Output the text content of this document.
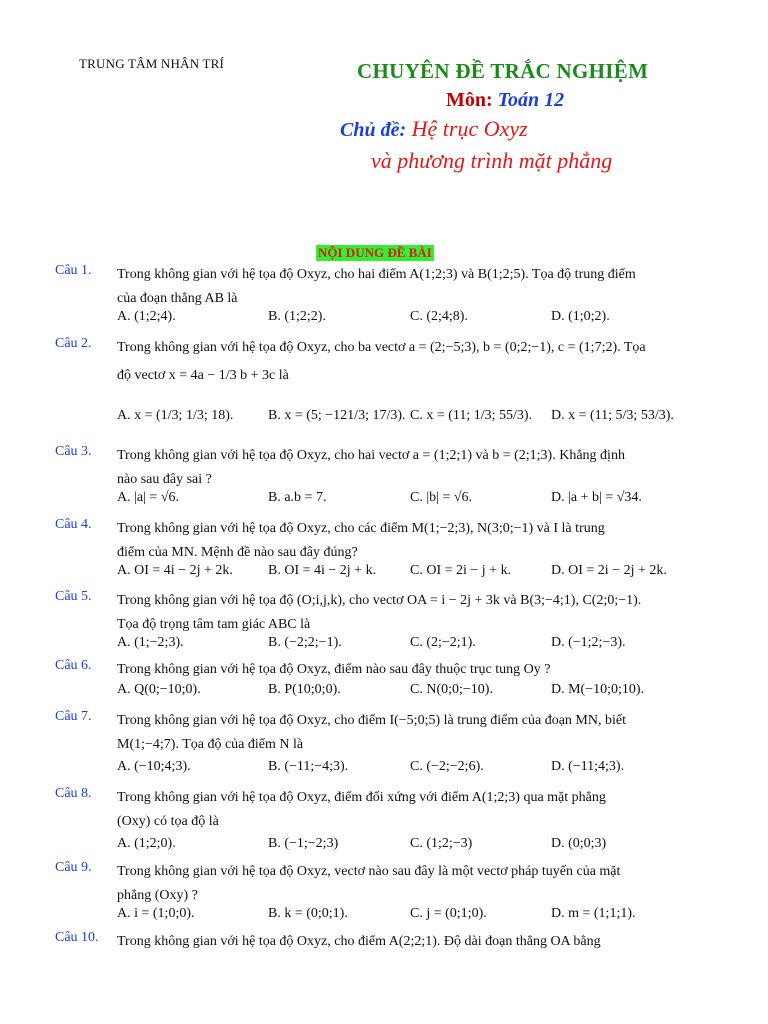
TRUNG TÂM NHÂN TRÍ	CHUYÊN ĐỀ TRẮC NGHIỆM
Môn: Toán 12
Chủ đề: Hệ trục Oxyz
và phương trình mặt phẳng
NỘI DUNG ĐỀ BÀI
Câu 1. Trong không gian với hệ tọa độ Oxyz, cho hai điểm A(1;2;3) và B(1;2;5). Tọa độ trung điểm
của đoạn thẳng AB là
A. (1;2;4).	B. (1;2;2).	C. (2;4;8).	D. (1;0;2).
Câu 2. Trong không gian với hệ tọa độ Oxyz, cho ba vectơ a = (2;−5;3), b = (0;2;−1), c = (1;7;2). Tọa
độ vectơ x = 4a − 1/3 b + 3c là
A. x = (1/3; 1/3; 18). B. x = (5; −121/3; 17/3). C. x = (11; 1/3; 55/3). D. x = (11; 5/3; 53/3).
Câu 3. Trong không gian với hệ tọa độ Oxyz, cho hai vectơ a = (1;2;1) và b = (2;1;3). Khẳng định
nào sau đây sai ?
A. |a| = √6.	B. a.b = 7.	C. |b| = √6.	D. |a + b| = √34.
Câu 4. Trong không gian với hệ tọa độ Oxyz, cho các điểm M(1;−2;3), N(3;0;−1) và I là trung
điểm của MN. Mệnh đề nào sau đây đúng?
A. OI = 4i − 2j + 2k.	B. OI = 4i − 2j + k. C. OI = 2i − j + k.	D. OI = 2i − 2j + 2k.
Câu 5. Trong không gian với hệ tọa độ (O;i,j,k), cho vectơ OA = i − 2j + 3k và B(3;−4;1), C(2;0;−1).
Tọa độ trọng tâm tam giác ABC là
A. (1;−2;3).	B. (−2;2;−1).	C. (2;−2;1).	D. (−1;2;−3).
Câu 6. Trong không gian với hệ tọa độ Oxyz, điểm nào sau đây thuộc trục tung Oy ?
A. Q(0;−10;0).	B. P(10;0;0).	C. N(0;0;−10).	D. M(−10;0;10).
Câu 7. Trong không gian với hệ tọa độ Oxyz, cho điểm I(−5;0;5) là trung điểm của đoạn MN, biết
M(1;−4;7). Tọa độ của điểm N là
A. (−10;4;3).	B. (−11;−4;3).	C. (−2;−2;6).	D. (−11;4;3).
Câu 8. Trong không gian với hệ tọa độ Oxyz, điểm đối xứng với điểm A(1;2;3) qua mặt phẳng
(Oxy) có tọa độ là
A. (1;2;0).	B. (−1;−2;3)	C. (1;2;−3)	D. (0;0;3)
Câu 9. Trong không gian với hệ tọa độ Oxyz, vectơ nào sau đây là một vectơ pháp tuyến của mặt
phẳng (Oxy) ?
A. i = (1;0;0).	B. k = (0;0;1).	C. j = (0;1;0).	D. m = (1;1;1).
Câu 10. Trong không gian với hệ tọa độ Oxyz, cho điểm A(2;2;1). Độ dài đoạn thẳng OA bằng
